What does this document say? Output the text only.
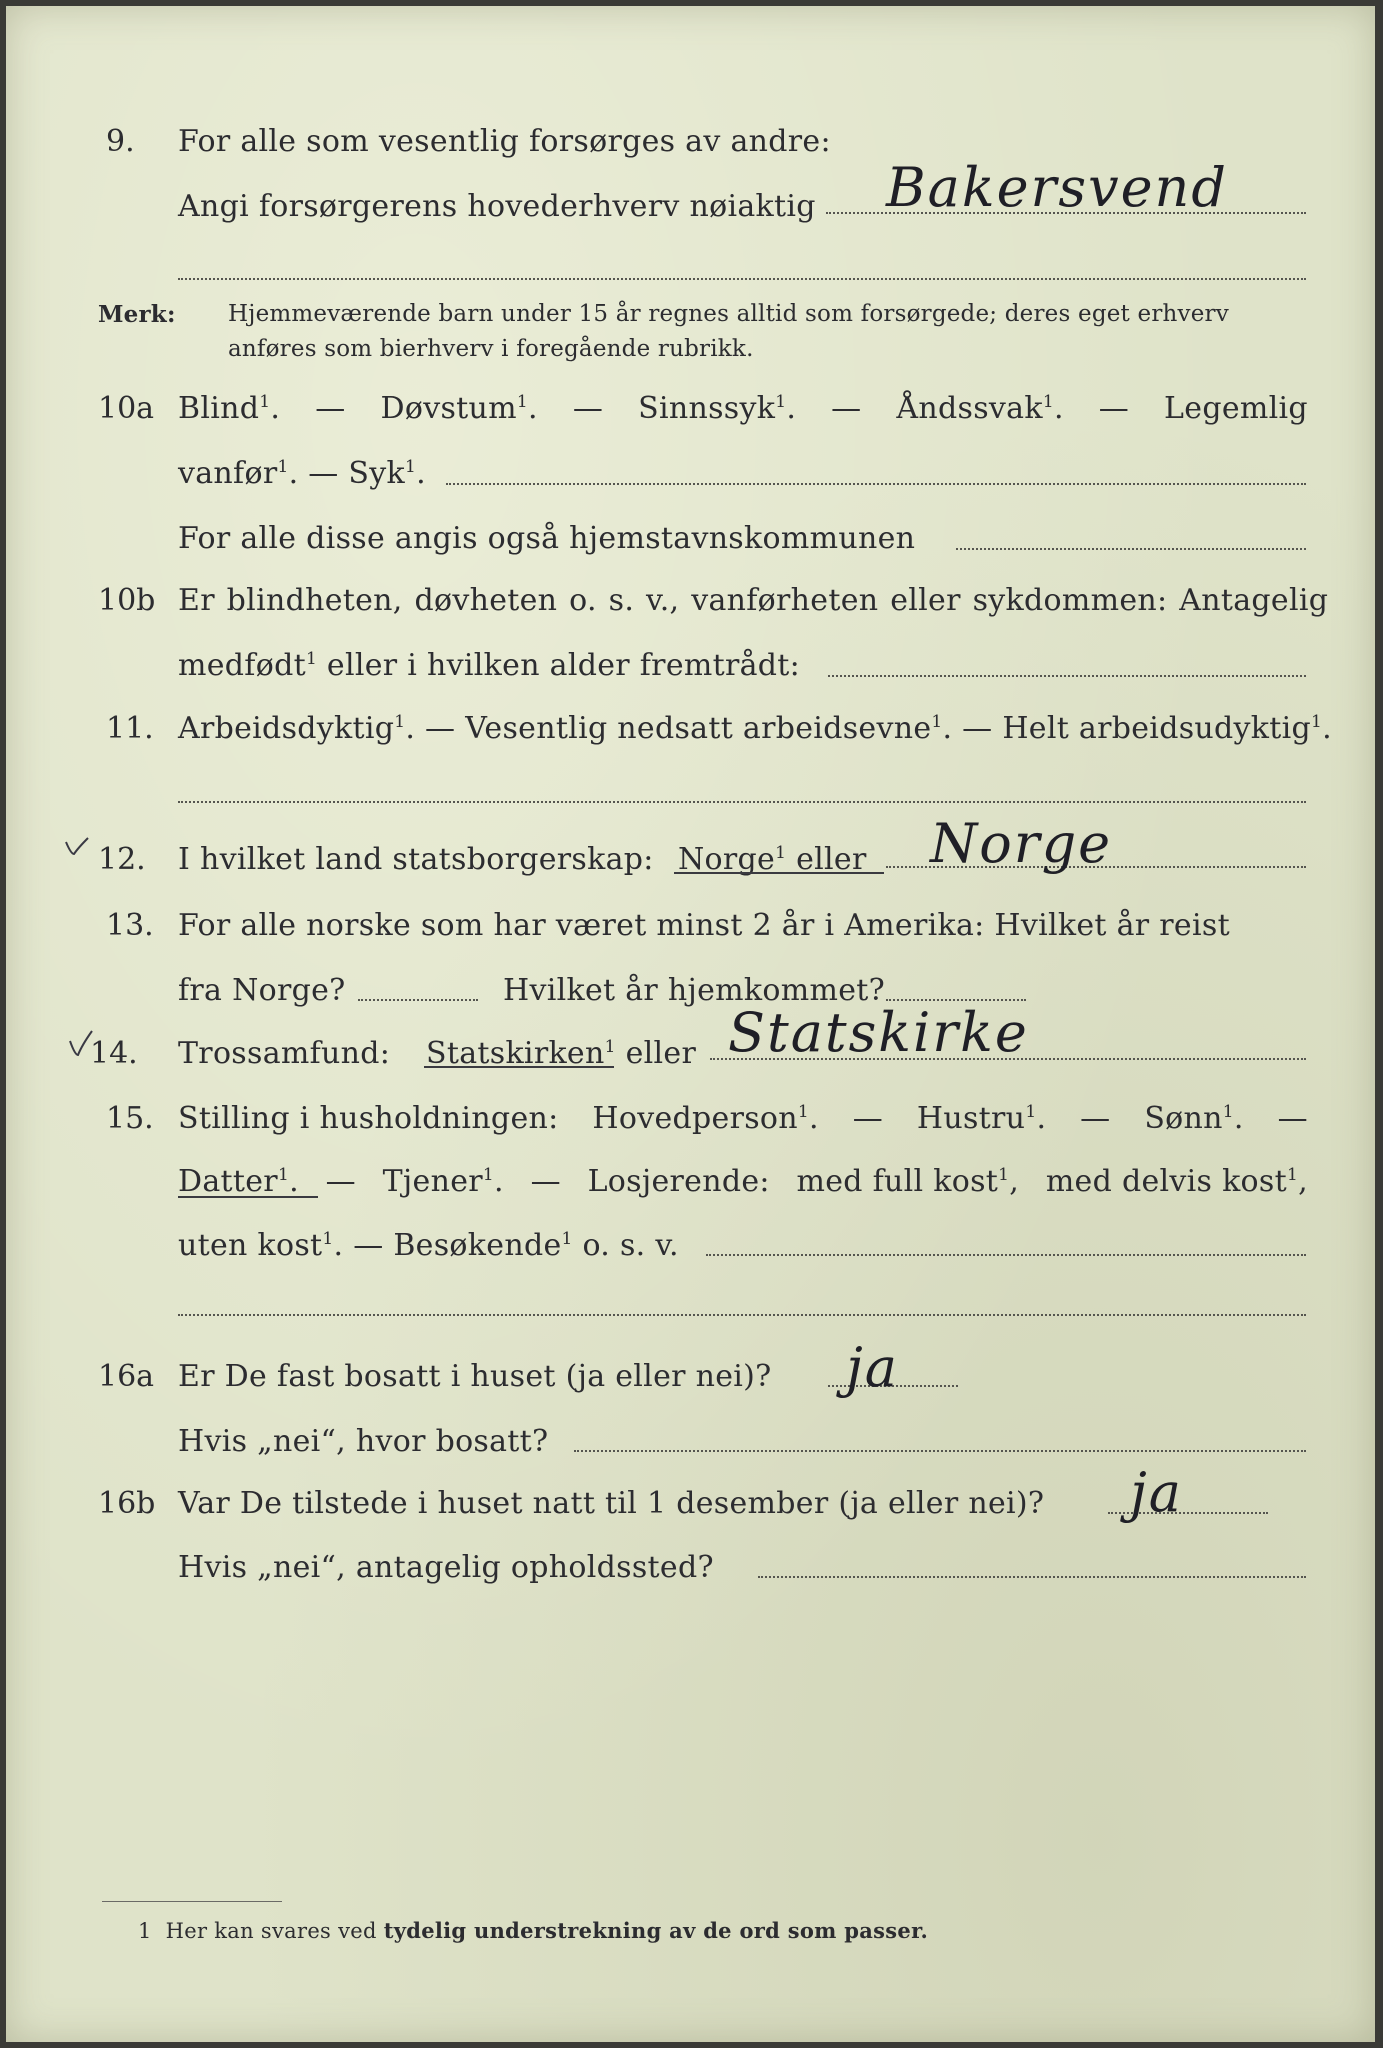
9. For alle som vesentlig forsørges av andre:
Angi forsørgerens hovederhverv nøiaktig Bakersvend
Merk: Hjemmeværende barn under 15 år regnes alltid som forsørgede; deres eget erhverv
anføres som bierhverv i foregående rubrikk.
10a Blind$^1$. — Døvstum$^1$. — Sinnssyk$^1$. — Åndssvak$^1$. — Legemlig
vanfør$^1$. — Syk$^1$.
For alle disse angis også hjemstavnskommunen
10b Er blindheten, døvheten o. s. v., vanførheten eller sykdommen: Antagelig
medfødt$^1$ eller i hvilken alder fremtrådt:
11. Arbeidsdyktig$^1$. — Vesentlig nedsatt arbeidsevne$^1$. — Helt arbeidsudyktig$^1$.
12. I hvilket land statsborgerskap: Norge$^1$ eller Norge
13. For alle norske som har været minst 2 år i Amerika: Hvilket år reist
fra Norge?	Hvilket år hjemkommet?
14. Trossamfund: Statskirken$^1$ eller Statskirke
15. Stilling i husholdningen: Hovedperson$^1$. — Hustru$^1$. — Sønn$^1$. —
Datter$^1$. — Tjener$^1$. — Losjerende: med full kost$^1$, med delvis kost$^1$,
uten kost$^1$. — Besøkende$^1$ o. s. v.
16a Er De fast bosatt i huset (ja eller nei)? ja
Hvis „nei“, hvor bosatt?
16b Var De tilstede i huset natt til 1 desember (ja eller nei)? ja
Hvis „nei“, antagelig opholdssted?
1 Her kan svares ved tydelig understrekning av de ord som passer.
